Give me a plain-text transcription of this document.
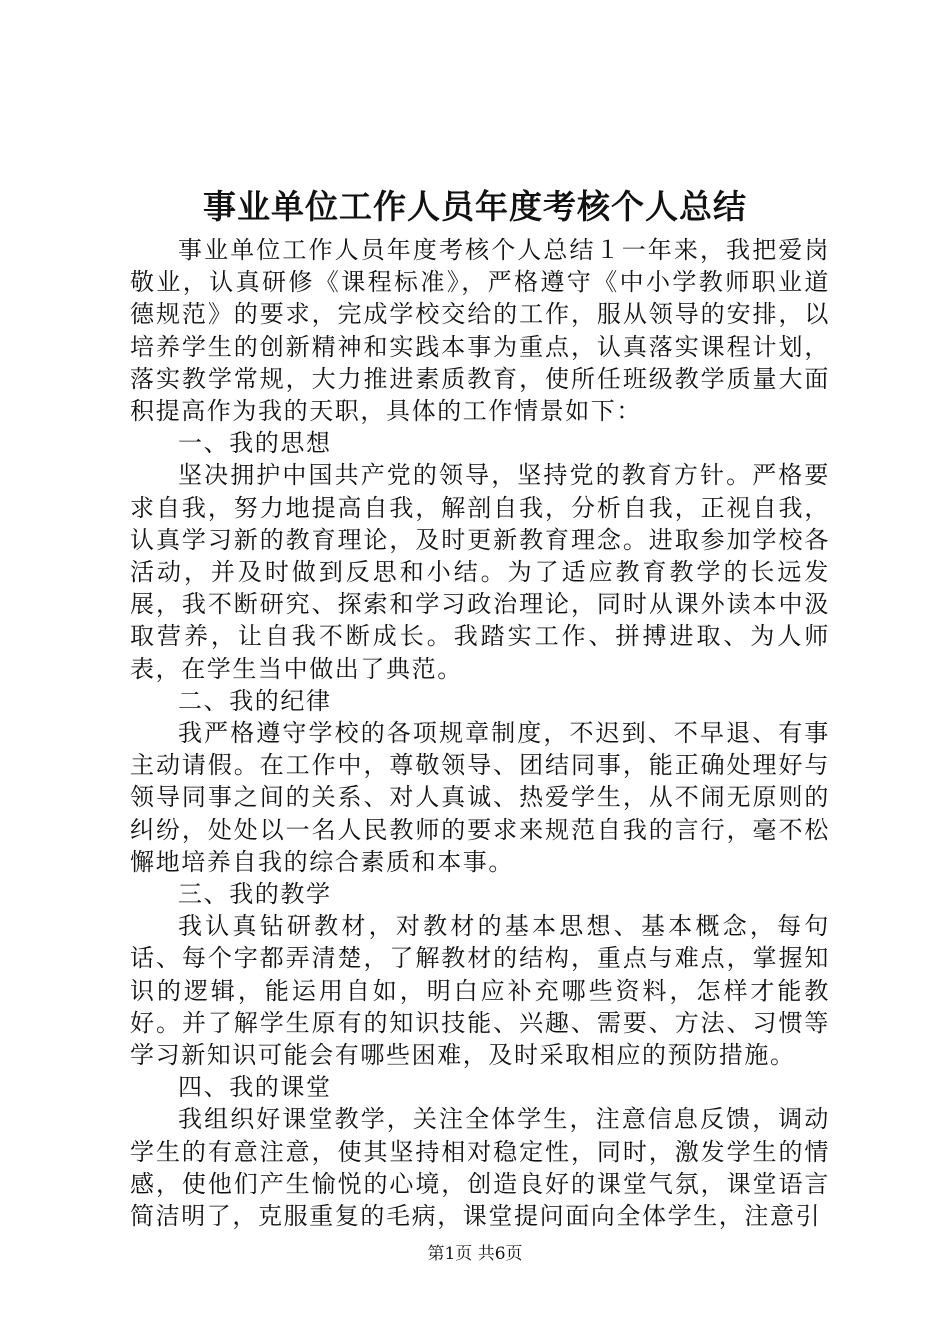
事业单位工作人员年度考核个人总结

事业单位工作人员年度考核个人总结１一年来，我把爱岗敬业，认真研修《课程标准》，严格遵守《中小学教师职业道德规范》的要求，完成学校交给的工作，服从领导的安排，以培养学生的创新精神和实践本事为重点，认真落实课程计划，落实教学常规，大力推进素质教育，使所任班级教学质量大面积提高作为我的天职，具体的工作情景如下：

一、我的思想

坚决拥护中国共产党的领导，坚持党的教育方针。严格要求自我，努力地提高自我，解剖自我，分析自我，正视自我，认真学习新的教育理论，及时更新教育理念。进取参加学校各活动，并及时做到反思和小结。为了适应教育教学的长远发展，我不断研究、探索和学习政治理论，同时从课外读本中汲取营养，让自我不断成长。我踏实工作、拼搏进取、为人师表，在学生当中做出了典范。

二、我的纪律

我严格遵守学校的各项规章制度，不迟到、不早退、有事主动请假。在工作中，尊敬领导、团结同事，能正确处理好与领导同事之间的关系、对人真诚、热爱学生，从不闹无原则的纠纷，处处以一名人民教师的要求来规范自我的言行，毫不松懈地培养自我的综合素质和本事。

三、我的教学

我认真钻研教材，对教材的基本思想、基本概念，每句话、每个字都弄清楚，了解教材的结构，重点与难点，掌握知识的逻辑，能运用自如，明白应补充哪些资料，怎样才能教好。并了解学生原有的知识技能、兴趣、需要、方法、习惯等学习新知识可能会有哪些困难，及时采取相应的预防措施。

四、我的课堂

我组织好课堂教学，关注全体学生，注意信息反馈，调动学生的有意注意，使其坚持相对稳定性，同时，激发学生的情感，使他们产生愉悦的心境，创造良好的课堂气氛，课堂语言简洁明了，克服重复的毛病，课堂提问面向全体学生，注意引

第1页 共6页
